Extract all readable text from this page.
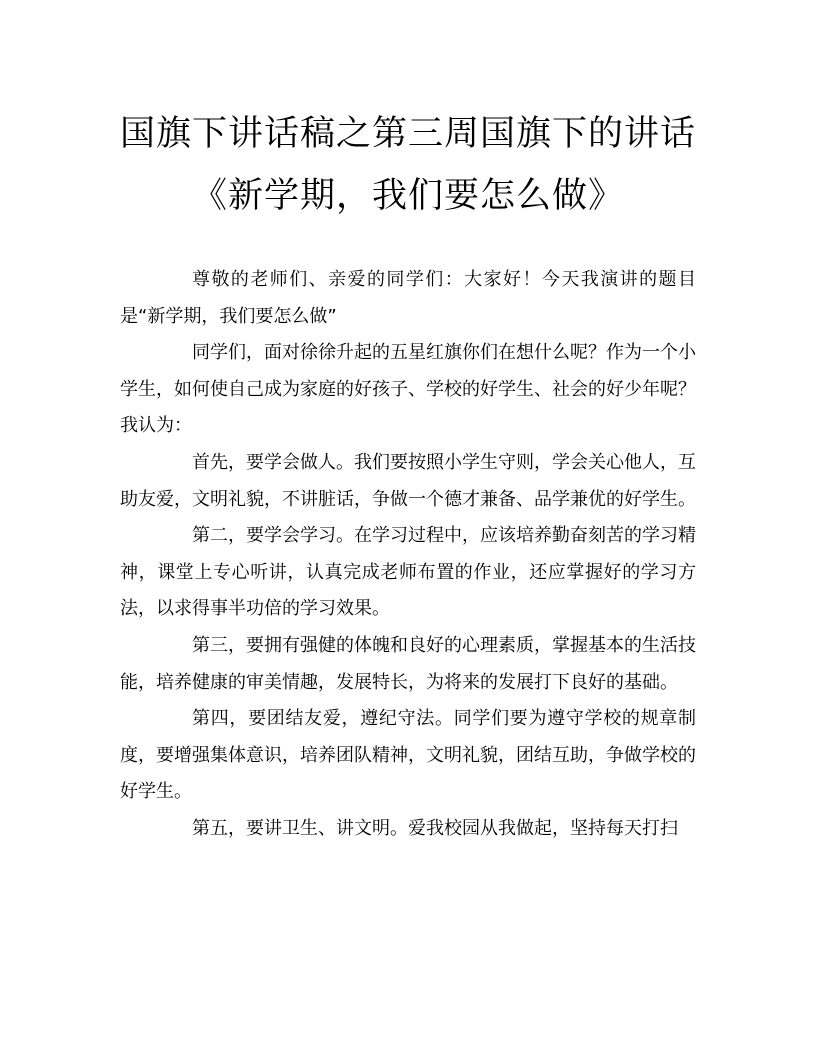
国旗下讲话稿之第三周国旗下的讲话
《新学期，我们要怎么做》

尊敬的老师们、亲爱的同学们：大家好！今天我演讲的题目是“新学期，我们要怎么做”

同学们，面对徐徐升起的五星红旗你们在想什么呢？作为一个小学生，如何使自己成为家庭的好孩子、学校的好学生、社会的好少年呢？我认为：

首先，要学会做人。我们要按照小学生守则，学会关心他人，互助友爱，文明礼貌，不讲脏话，争做一个德才兼备、品学兼优的好学生。

第二，要学会学习。在学习过程中，应该培养勤奋刻苦的学习精神，课堂上专心听讲，认真完成老师布置的作业，还应掌握好的学习方法，以求得事半功倍的学习效果。

第三，要拥有强健的体魄和良好的心理素质，掌握基本的生活技能，培养健康的审美情趣，发展特长，为将来的发展打下良好的基础。

第四，要团结友爱，遵纪守法。同学们要为遵守学校的规章制度，要增强集体意识，培养团队精神，文明礼貌，团结互助，争做学校的好学生。

第五，要讲卫生、讲文明。爱我校园从我做起，坚持每天打扫
